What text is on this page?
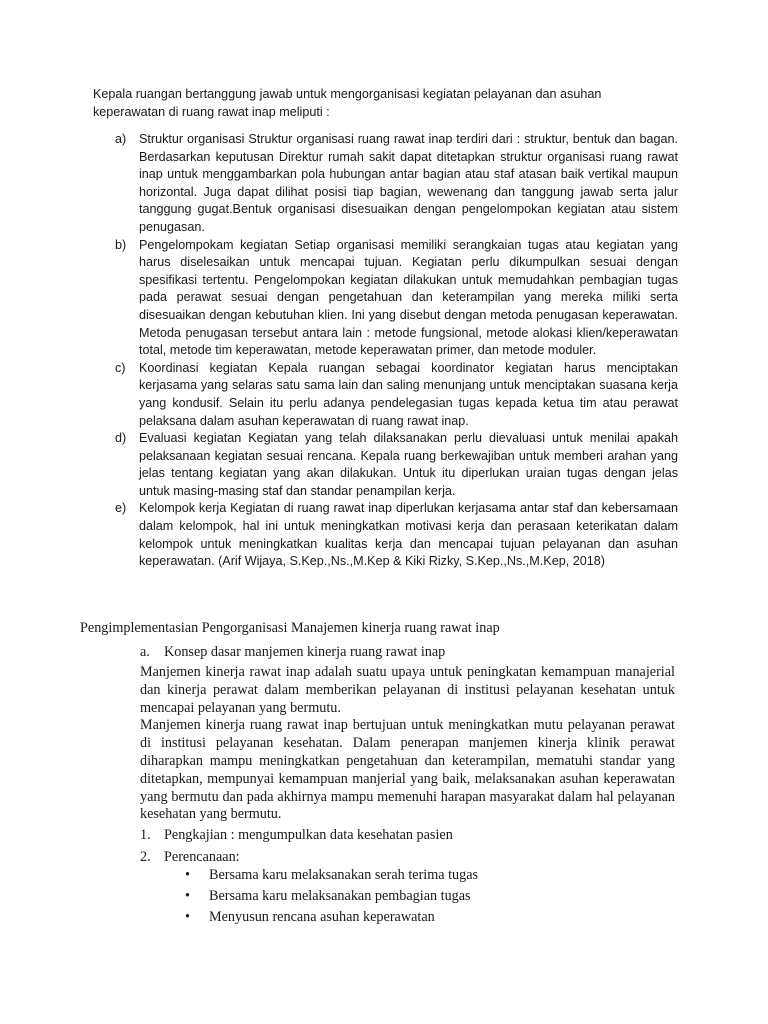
Kepala ruangan bertanggung jawab untuk mengorganisasi kegiatan pelayanan dan asuhan

keperawatan di ruang rawat inap meliputi :

a) Struktur organisasi Struktur organisasi ruang rawat inap terdiri dari : struktur, bentuk dan bagan. Berdasarkan keputusan Direktur rumah sakit dapat ditetapkan struktur organisasi ruang rawat inap untuk menggambarkan pola hubungan antar bagian atau staf atasan baik vertikal maupun horizontal. Juga dapat dilihat posisi tiap bagian, wewenang dan tanggung jawab serta jalur tanggung gugat.Bentuk organisasi disesuaikan dengan pengelompokan kegiatan atau sistem penugasan.
b) Pengelompokam kegiatan Setiap organisasi memiliki serangkaian tugas atau kegiatan yang harus diselesaikan untuk mencapai tujuan. Kegiatan perlu dikumpulkan sesuai dengan spesifikasi tertentu. Pengelompokan kegiatan dilakukan untuk memudahkan pembagian tugas pada perawat sesuai dengan pengetahuan dan keterampilan yang mereka miliki serta disesuaikan dengan kebutuhan klien. Ini yang disebut dengan metoda penugasan keperawatan. Metoda penugasan tersebut antara lain : metode fungsional, metode alokasi klien/keperawatan total, metode tim keperawatan, metode keperawatan primer, dan metode moduler.
c) Koordinasi kegiatan Kepala ruangan sebagai koordinator kegiatan harus menciptakan kerjasama yang selaras satu sama lain dan saling menunjang untuk menciptakan suasana kerja yang kondusif. Selain itu perlu adanya pendelegasian tugas kepada ketua tim atau perawat pelaksana dalam asuhan keperawatan di ruang rawat inap.
d) Evaluasi kegiatan Kegiatan yang telah dilaksanakan perlu dievaluasi untuk menilai apakah pelaksanaan kegiatan sesuai rencana. Kepala ruang berkewajiban untuk memberi arahan yang jelas tentang kegiatan yang akan dilakukan. Untuk itu diperlukan uraian tugas dengan jelas untuk masing-masing staf dan standar penampilan kerja.
e) Kelompok kerja Kegiatan di ruang rawat inap diperlukan kerjasama antar staf dan kebersamaan dalam kelompok, hal ini untuk meningkatkan motivasi kerja dan perasaan keterikatan dalam kelompok untuk meningkatkan kualitas kerja dan mencapai tujuan pelayanan dan asuhan keperawatan. (Arif Wijaya, S.Kep.,Ns.,M.Kep & Kiki Rizky, S.Kep.,Ns.,M.Kep, 2018)

Pengimplementasian Pengorganisasi Manajemen kinerja ruang rawat inap

a. Konsep dasar manjemen kinerja ruang rawat inap

Manjemen kinerja rawat inap adalah suatu upaya untuk peningkatan kemampuan manajerial dan kinerja perawat dalam memberikan pelayanan di institusi pelayanan kesehatan untuk mencapai pelayanan yang bermutu.

Manjemen kinerja ruang rawat inap bertujuan untuk meningkatkan mutu pelayanan perawat di institusi pelayanan kesehatan. Dalam penerapan manjemen kinerja klinik perawat diharapkan mampu meningkatkan pengetahuan dan keterampilan, mematuhi standar yang ditetapkan, mempunyai kemampuan manjerial yang baik, melaksanakan asuhan keperawatan yang bermutu dan pada akhirnya mampu memenuhi harapan masyarakat dalam hal pelayanan kesehatan yang bermutu.

1. Pengkajian : mengumpulkan data kesehatan pasien
2. Perencanaan:
• Bersama karu melaksanakan serah terima tugas
• Bersama karu melaksanakan pembagian tugas
• Menyusun rencana asuhan keperawatan
